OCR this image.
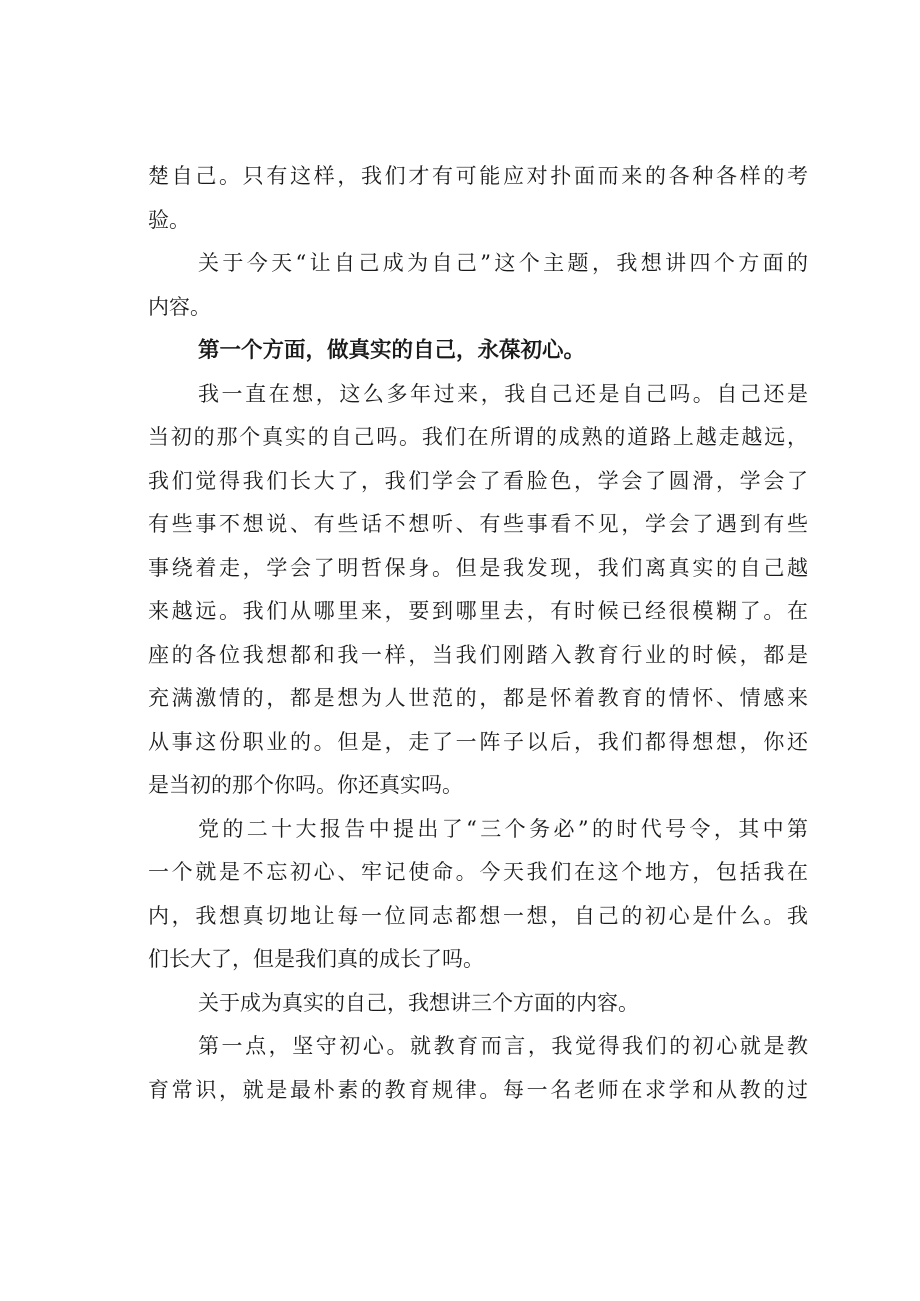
楚自己。只有这样，我们才有可能应对扑面而来的各种各样的考
验。
关于今天“让自己成为自己”这个主题，我想讲四个方面的
内容。
第一个方面，做真实的自己，永葆初心。
我一直在想，这么多年过来，我自己还是自己吗。自己还是
当初的那个真实的自己吗。我们在所谓的成熟的道路上越走越远，
我们觉得我们长大了，我们学会了看脸色，学会了圆滑，学会了
有些事不想说、有些话不想听、有些事看不见，学会了遇到有些
事绕着走，学会了明哲保身。但是我发现，我们离真实的自己越
来越远。我们从哪里来，要到哪里去，有时候已经很模糊了。在
座的各位我想都和我一样，当我们刚踏入教育行业的时候，都是
充满激情的，都是想为人世范的，都是怀着教育的情怀、情感来
从事这份职业的。但是，走了一阵子以后，我们都得想想，你还
是当初的那个你吗。你还真实吗。
党的二十大报告中提出了“三个务必”的时代号令，其中第
一个就是不忘初心、牢记使命。今天我们在这个地方，包括我在
内，我想真切地让每一位同志都想一想，自己的初心是什么。我
们长大了，但是我们真的成长了吗。
关于成为真实的自己，我想讲三个方面的内容。
第一点，坚守初心。就教育而言，我觉得我们的初心就是教
育常识，就是最朴素的教育规律。每一名老师在求学和从教的过
